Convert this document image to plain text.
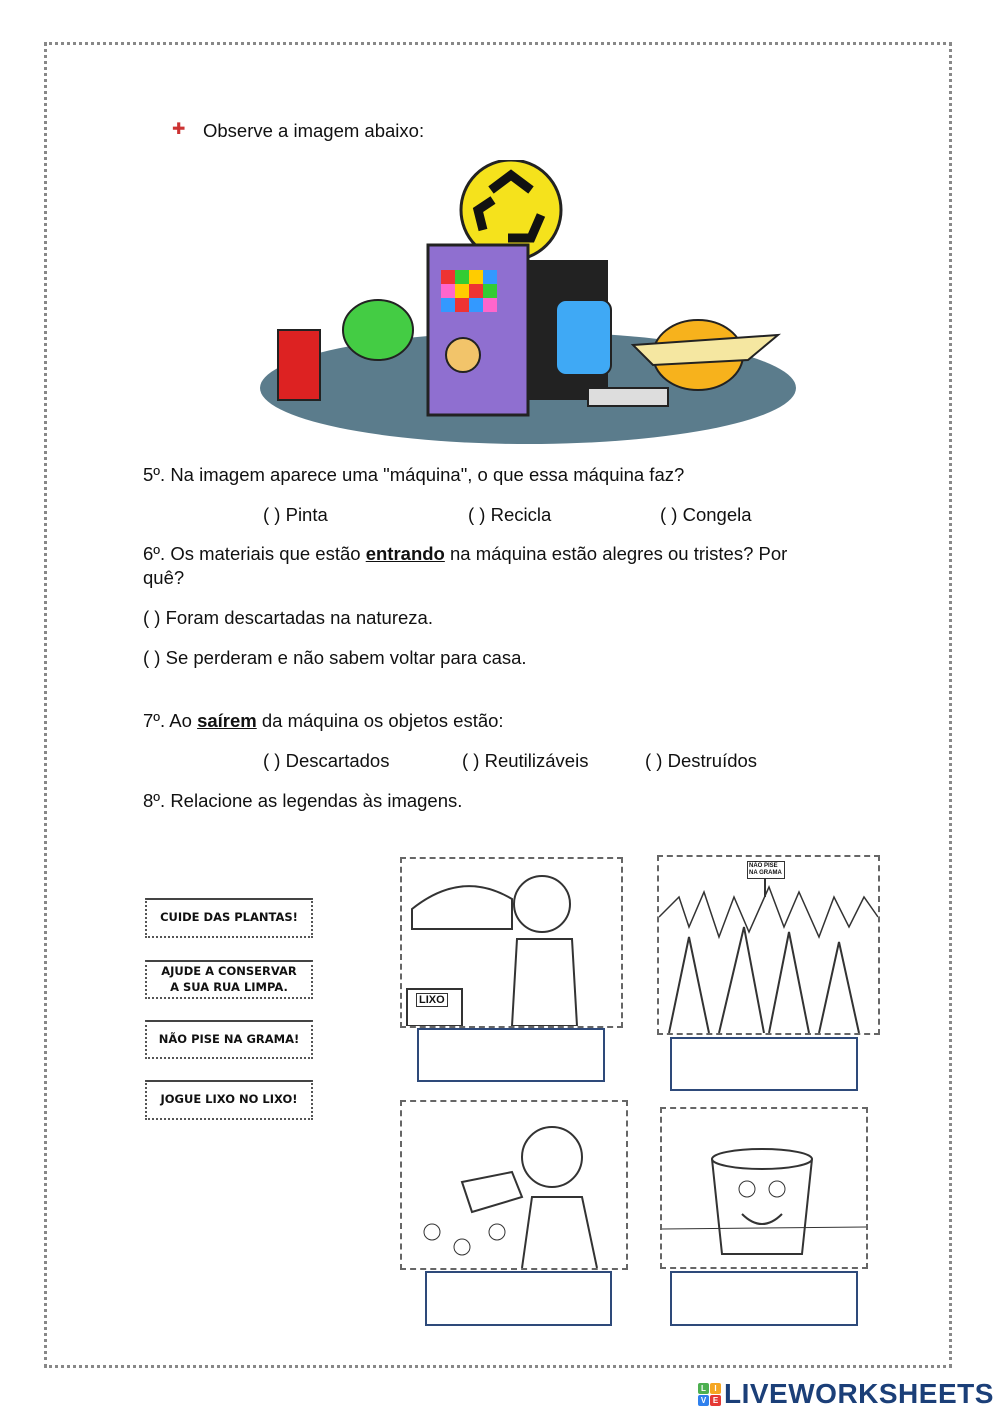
✚ Observe a imagem abaixo:
5º. Na imagem aparece uma "máquina", o que essa máquina faz?
( ) Pinta	( ) Recicla	( ) Congela
6º. Os materiais que estão entrando na máquina estão alegres ou tristes? Por
quê?
( ) Foram descartadas na natureza.
( ) Se perderam e não sabem voltar para casa.
7º. Ao saírem da máquina os objetos estão:
( ) Descartados	( ) Reutilizáveis	( ) Destruídos
8º. Relacione as legendas às imagens.
CUIDE DAS PLANTAS!
AJUDE A CONSERVAR A SUA RUA LIMPA.
NÃO PISE NA GRAMA!
JOGUE LIXO NO LIXO!
LIXO
NÃO PISE NA GRAMA
L	I
V E LIVEWORKSHEETS
